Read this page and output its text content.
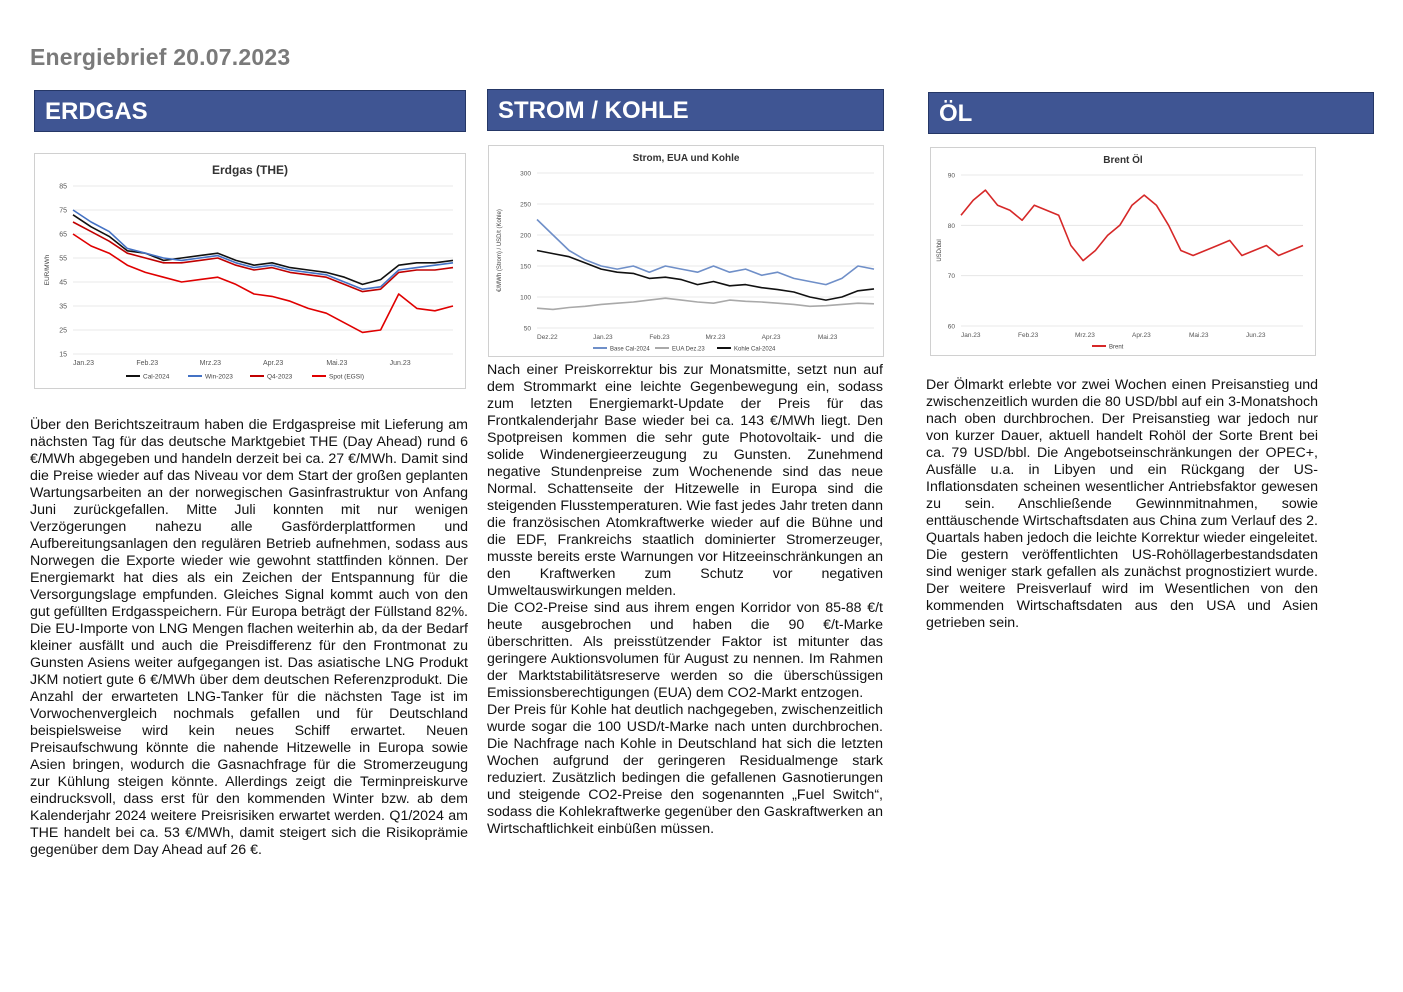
Energiebrief 20.07.2023
ERDGAS
Erdgas (THE)
15
25
35
45
55
65
75
85
EUR/MWh
Jan.23	Feb.23	Mrz.23	Apr.23	Mai.23	Jun.23
Cal-2024	Win-2023	Q4-2023	Spot (EGSI)

Über den Berichtszeitraum haben die Erdgaspreise mit Lieferung am nächsten Tag für das deutsche Marktgebiet THE (Day Ahead) rund 6 €/MWh abgegeben und handeln derzeit bei ca. 27 €/MWh. Damit sind die Preise wieder auf das Niveau vor dem Start der großen geplanten Wartungsarbeiten an der norwegischen Gasinfrastruktur von Anfang Juni zurückgefallen. Mitte Juli konnten mit nur wenigen Verzögerungen nahezu alle Gasförderplattformen und Aufbereitungsanlagen den regulären Betrieb aufnehmen, sodass aus Norwegen die Exporte wieder wie gewohnt stattfinden können. Der Energiemarkt hat dies als ein Zeichen der Entspannung für die Versorgungslage empfunden. Gleiches Signal kommt auch von den gut gefüllten Erdgasspeichern. Für Europa beträgt der Füllstand 82%. Die EU-Importe von LNG Mengen flachen weiterhin ab, da der Bedarf kleiner ausfällt und auch die Preisdifferenz für den Frontmonat zu Gunsten Asiens weiter aufgegangen ist. Das asiatische LNG Produkt JKM notiert gute 6 €/MWh über dem deutschen Referenzprodukt. Die Anzahl der erwarteten LNG-Tanker für die nächsten Tage ist im Vorwochenvergleich nochmals gefallen und für Deutschland beispielsweise wird kein neues Schiff erwartet. Neuen Preisaufschwung könnte die nahende Hitzewelle in Europa sowie Asien bringen, wodurch die Gasnachfrage für die Stromerzeugung zur Kühlung steigen könnte. Allerdings zeigt die Terminpreiskurve eindrucksvoll, dass erst für den kommenden Winter bzw. ab dem Kalenderjahr 2024 weitere Preisrisiken erwartet werden. Q1/2024 am THE handelt bei ca. 53 €/MWh, damit steigert sich die Risikoprämie gegenüber dem Day Ahead auf 26 €.

STROM / KOHLE
Strom, EUA und Kohle
50
100
150
200
250
300
€/MWh (Strom) / USD/t (Kohle)
Dez.22	Jan.23	Feb.23	Mrz.23	Apr.23	Mai.23
Base Cal-2024	EUA Dez.23	Kohle Cal-2024

Nach einer Preiskorrektur bis zur Monatsmitte, setzt nun auf dem Strommarkt eine leichte Gegenbewegung ein, sodass zum letzten Energiemarkt-Update der Preis für das Frontkalenderjahr Base wieder bei ca. 143 €/MWh liegt. Den Spotpreisen kommen die sehr gute Photovoltaik- und die solide Windenergieerzeugung zu Gunsten. Zunehmend negative Stundenpreise zum Wochenende sind das neue Normal. Schattenseite der Hitzewelle in Europa sind die steigenden Flusstemperaturen. Wie fast jedes Jahr treten dann die französischen Atomkraftwerke wieder auf die Bühne und die EDF, Frankreichs staatlich dominierter Stromerzeuger, musste bereits erste Warnungen vor Hitzeeinschränkungen an den Kraftwerken zum Schutz vor negativen Umweltauswirkungen melden.

Die CO2-Preise sind aus ihrem engen Korridor von 85-88 €/t heute ausgebrochen und haben die 90 €/t-Marke überschritten. Als preisstützender Faktor ist mitunter das geringere Auktionsvolumen für August zu nennen. Im Rahmen der Marktstabilitätsreserve werden so die überschüssigen Emissionsberechtigungen (EUA) dem CO2-Markt entzogen.

Der Preis für Kohle hat deutlich nachgegeben, zwischenzeitlich wurde sogar die 100 USD/t-Marke nach unten durchbrochen. Die Nachfrage nach Kohle in Deutschland hat sich die letzten Wochen aufgrund der geringeren Residualmenge stark reduziert. Zusätzlich bedingen die gefallenen Gasnotierungen und steigende CO2-Preise den sogenannten „Fuel Switch“, sodass die Kohlekraftwerke gegenüber den Gaskraftwerken an Wirtschaftlichkeit einbüßen müssen.

ÖL
Brent Öl
60
70
80
90
USD/bbl
Jan.23	Feb.23	Mrz.23	Apr.23	Mai.23	Jun.23
Brent

Der Ölmarkt erlebte vor zwei Wochen einen Preisanstieg und zwischenzeitlich wurden die 80 USD/bbl auf ein 3-Monatshoch nach oben durchbrochen. Der Preisanstieg war jedoch nur von kurzer Dauer, aktuell handelt Rohöl der Sorte Brent bei ca. 79 USD/bbl. Die Angebotseinschränkungen der OPEC+, Ausfälle u.a. in Libyen und ein Rückgang der US-Inflationsdaten scheinen wesentlicher Antriebsfaktor gewesen zu sein. Anschließende Gewinnmitnahmen, sowie enttäuschende Wirtschaftsdaten aus China zum Verlauf des 2. Quartals haben jedoch die leichte Korrektur wieder eingeleitet. Die gestern veröffentlichten US-Rohöllagerbestandsdaten sind weniger stark gefallen als zunächst prognostiziert wurde. Der weitere Preisverlauf wird im Wesentlichen von den kommenden Wirtschaftsdaten aus den USA und Asien getrieben sein.
